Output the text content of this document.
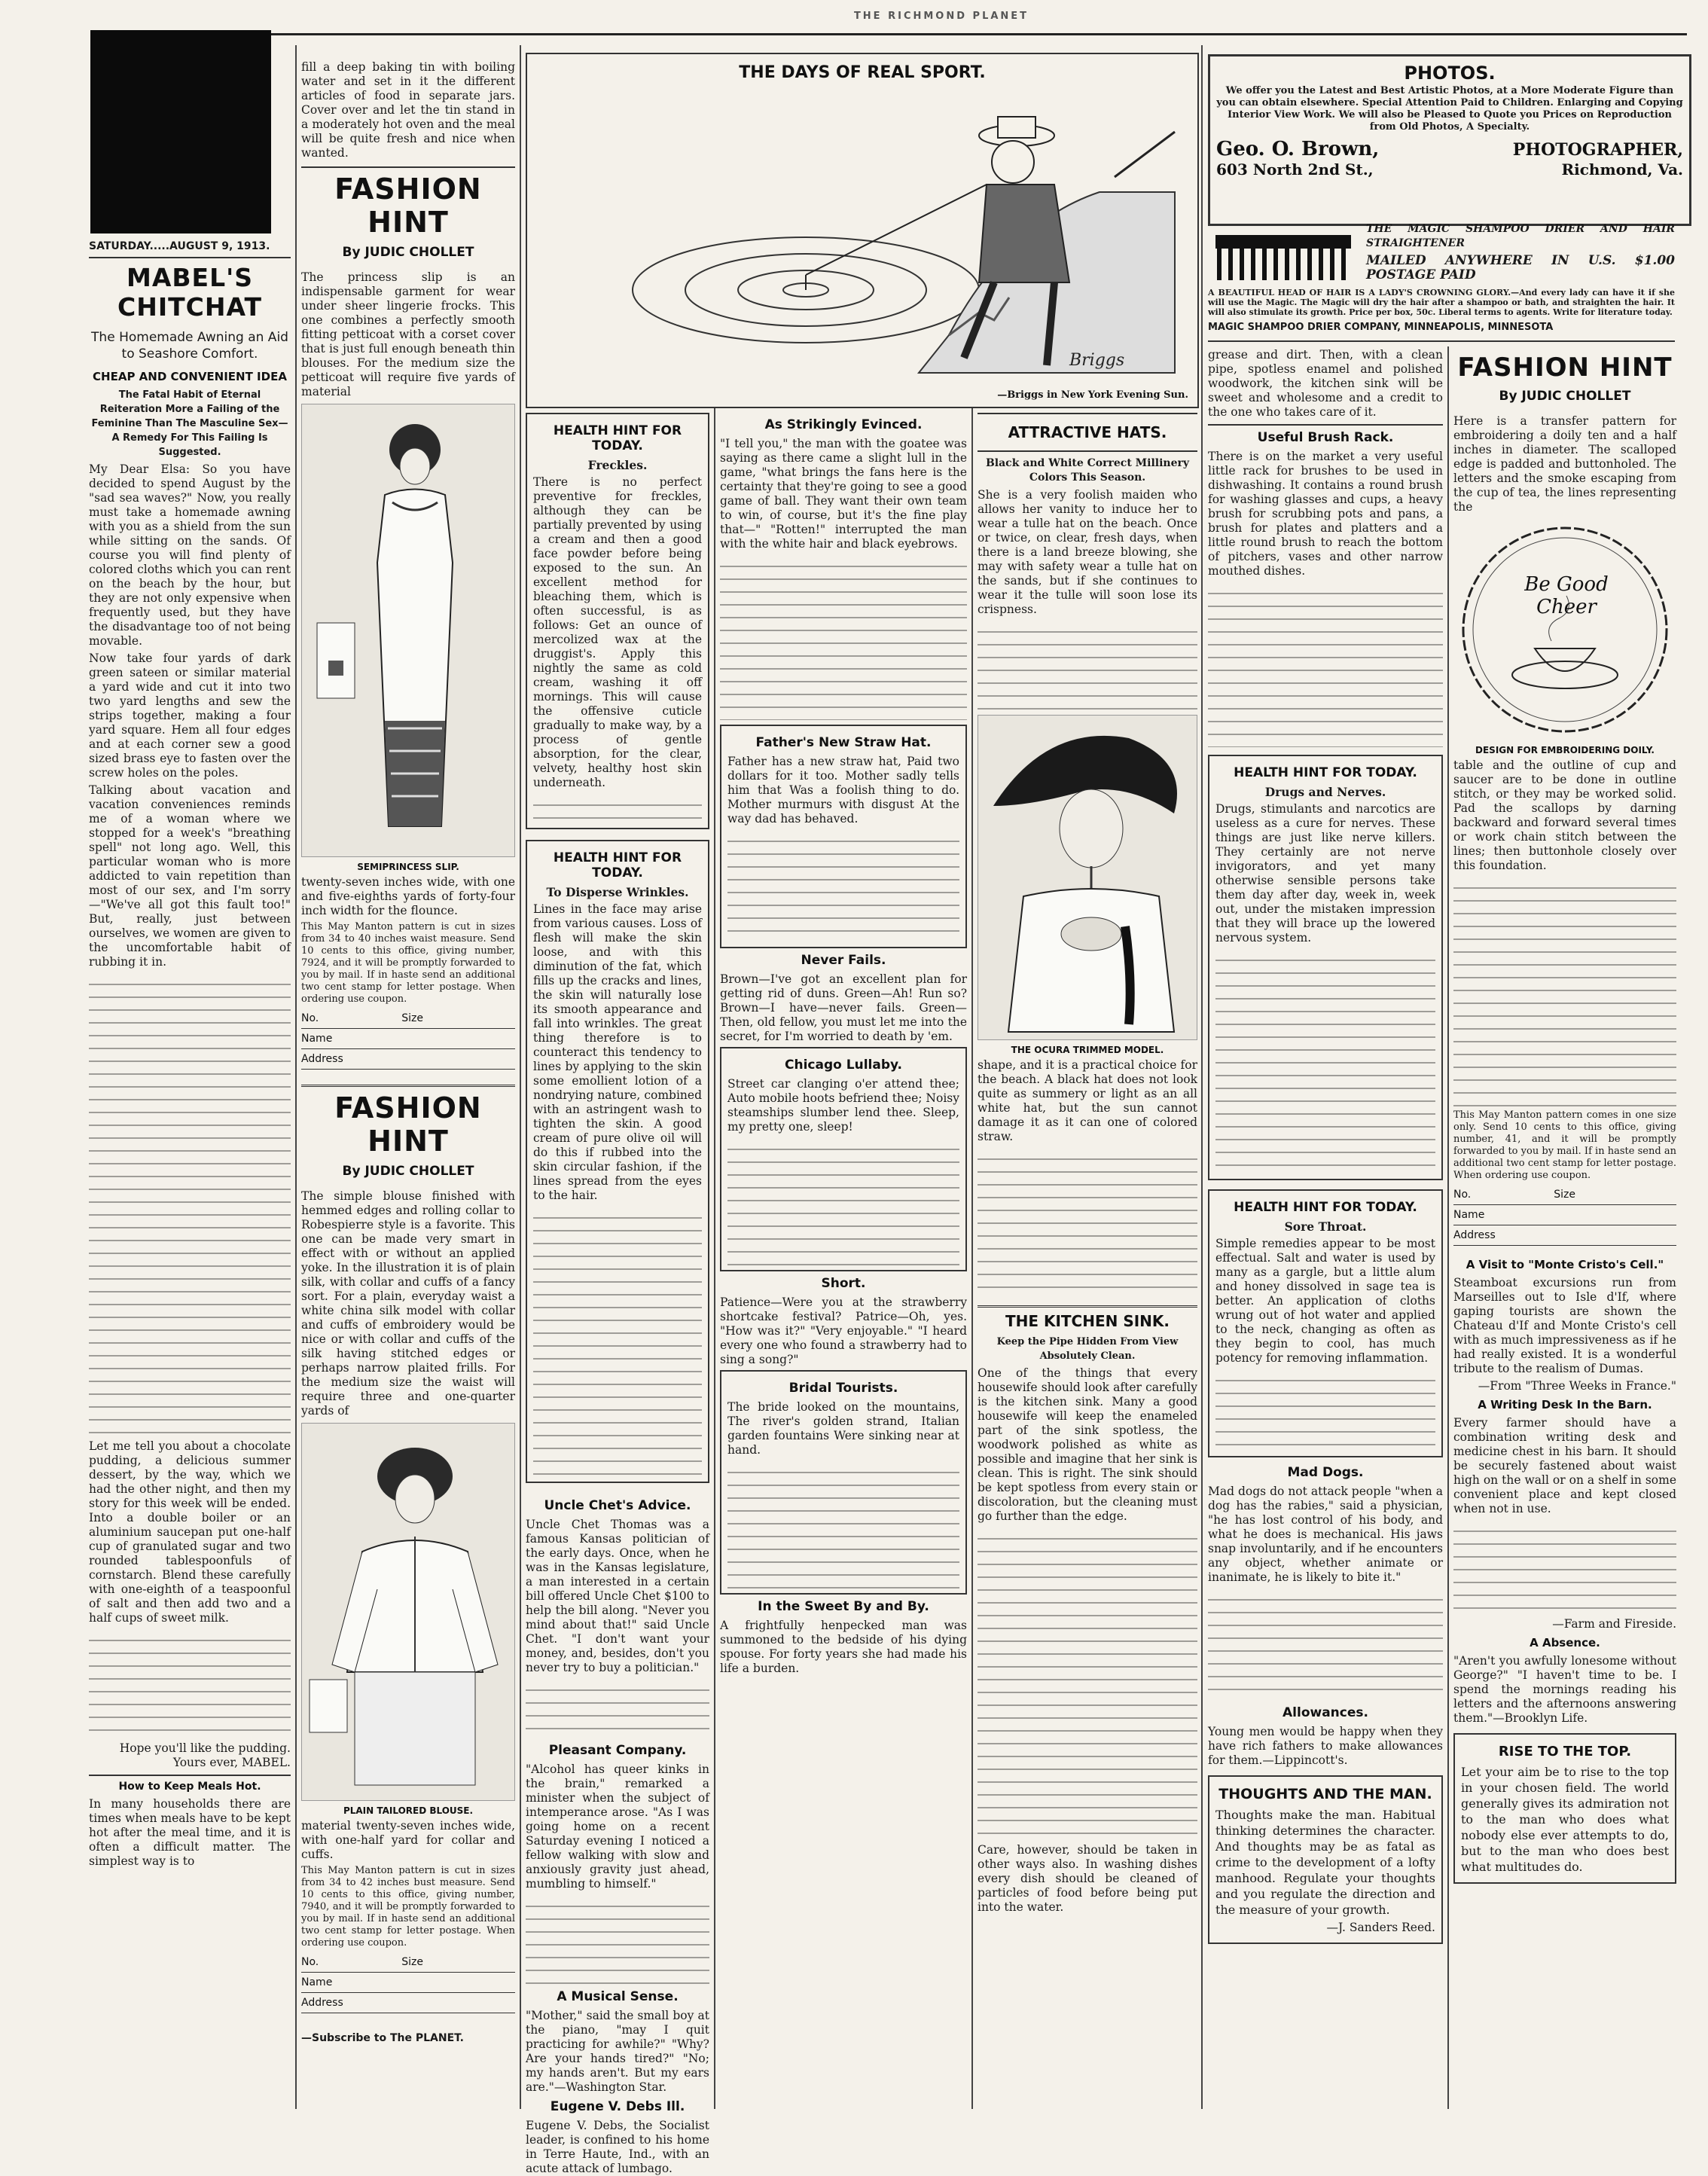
THE RICHMOND PLANET
SATURDAY.....AUGUST 9, 1913.
MABEL'S CHITCHAT
The Homemade Awning an Aid to Seashore Comfort.
CHEAP AND CONVENIENT IDEA
The Fatal Habit of Eternal Reiteration More a Failing of the Feminine Than The Masculine Sex—A Remedy For This Failing Is Suggested.

My Dear Elsa: So you have decided to spend August by the "sad sea waves?" Now, you really must take a homemade awning with you as a shield from the sun while sitting on the sands. Of course you will find plenty of colored cloths which you can rent on the beach by the hour, but they are not only expensive when frequently used, but they have the disadvantage too of not being movable.

Now take four yards of dark green sateen or similar material a yard wide and cut it into two two yard lengths and sew the strips together, making a four yard square. Hem all four edges and at each corner sew a good sized brass eye to fasten over the screw holes on the poles.

Talking about vacation and vacation conveniences reminds me of a woman where we stopped for a week's "breathing spell" not long ago. Well, this particular woman who is more addicted to vain repetition than most of our sex, and I'm sorry—"We've all got this fault too!" But, really, just between ourselves, we women are given to the uncomfortable habit of rubbing it in.

Let me tell you about a chocolate pudding, a delicious summer dessert, by the way, which we had the other night, and then my story for this week will be ended. Into a double boiler or an aluminium saucepan put one-half cup of granulated sugar and two rounded tablespoonfuls of cornstarch. Blend these carefully with one-eighth of a teaspoonful of salt and then add two and a half cups of sweet milk.

Hope you'll like the pudding. Yours ever, MABEL.

How to Keep Meals Hot.

In many households there are times when meals have to be kept hot after the meal time, and it is often a difficult matter. The simplest way is to

fill a deep baking tin with boiling water and set in it the different articles of food in separate jars. Cover over and let the tin stand in a moderately hot oven and the meal will be quite fresh and nice when wanted.

FASHION HINT
By JUDIC CHOLLET

The princess slip is an indispensable garment for wear under sheer lingerie frocks. This one combines a perfectly smooth fitting petticoat with a corset cover that is just full enough beneath thin blouses. For the medium size the petticoat will require five yards of material

SEMIPRINCESS SLIP.

twenty-seven inches wide, with one and five-eighths yards of forty-four inch width for the flounce.

This May Manton pattern is cut in sizes from 34 to 40 inches waist measure. Send 10 cents to this office, giving number, 7924, and it will be promptly forwarded to you by mail. If in haste send an additional two cent stamp for letter postage. When ordering use coupon.

No.	Size
Name
Address
FASHION HINT
By JUDIC CHOLLET

The simple blouse finished with hemmed edges and rolling collar to Robespierre style is a favorite. This one can be made very smart in effect with or without an applied yoke. In the illustration it is of plain silk, with collar and cuffs of a fancy sort. For a plain, everyday waist a white china silk model with collar and cuffs of embroidery would be nice or with collar and cuffs of the silk having stitched edges or perhaps narrow plaited frills. For the medium size the waist will require three and one-quarter yards of

PLAIN TAILORED BLOUSE.

material twenty-seven inches wide, with one-half yard for collar and cuffs.

This May Manton pattern is cut in sizes from 34 to 42 inches bust measure. Send 10 cents to this office, giving number, 7940, and it will be promptly forwarded to you by mail. If in haste send an additional two cent stamp for letter postage. When ordering use coupon.

No.	Size
Name
Address
—Subscribe to The PLANET.
THE DAYS OF REAL SPORT.
Briggs
—Briggs in New York Evening Sun.
HEALTH HINT FOR TODAY.
Freckles.

There is no perfect preventive for freckles, although they can be partially prevented by using a cream and then a good face powder before being exposed to the sun. An excellent method for bleaching them, which is often successful, is as follows: Get an ounce of mercolized wax at the druggist's. Apply this nightly the same as cold cream, washing it off mornings. This will cause the offensive cuticle gradually to make way, by a process of gentle absorption, for the clear, velvety, healthy host skin underneath.

HEALTH HINT FOR TODAY.
To Disperse Wrinkles.

Lines in the face may arise from various causes. Loss of flesh will make the skin loose, and with this diminution of the fat, which fills up the cracks and lines, the skin will naturally lose its smooth appearance and fall into wrinkles. The great thing therefore is to counteract this tendency to lines by applying to the skin some emollient lotion of a nondrying nature, combined with an astringent wash to tighten the skin. A good cream of pure olive oil will do this if rubbed into the skin circular fashion, if the lines spread from the eyes to the hair.

Uncle Chet's Advice.

Uncle Chet Thomas was a famous Kansas politician of the early days. Once, when he was in the Kansas legislature, a man interested in a certain bill offered Uncle Chet $100 to help the bill along. "Never you mind about that!" said Uncle Chet. "I don't want your money, and, besides, don't you never try to buy a politician."

Pleasant Company.

"Alcohol has queer kinks in the brain," remarked a minister when the subject of intemperance arose. "As I was going home on a recent Saturday evening I noticed a fellow walking with slow and anxiously gravity just ahead, mumbling to himself."

A Musical Sense.

"Mother," said the small boy at the piano, "may I quit practicing for awhile?" "Why? Are your hands tired?" "No; my hands aren't. But my ears are."—Washington Star.

Eugene V. Debs Ill.

Eugene V. Debs, the Socialist leader, is confined to his home in Terre Haute, Ind., with an acute attack of lumbago.

As Strikingly Evinced.

"I tell you," the man with the goatee was saying as there came a slight lull in the game, "what brings the fans here is the certainty that they're going to see a good game of ball. They want their own team to win, of course, but it's the fine play that—" "Rotten!" interrupted the man with the white hair and black eyebrows.

Father's New Straw Hat.

Father has a new straw hat, Paid two dollars for it too. Mother sadly tells him that Was a foolish thing to do. Mother murmurs with disgust At the way dad has behaved.

Never Fails.

Brown—I've got an excellent plan for getting rid of duns. Green—Ah! Run so? Brown—I have—never fails. Green—Then, old fellow, you must let me into the secret, for I'm worried to death by 'em.

Chicago Lullaby.

Street car clanging o'er attend thee; Auto mobile hoots befriend thee; Noisy steamships slumber lend thee. Sleep, my pretty one, sleep!

Short.

Patience—Were you at the strawberry shortcake festival? Patrice—Oh, yes. "How was it?" "Very enjoyable." "I heard every one who found a strawberry had to sing a song?"

Bridal Tourists.

The bride looked on the mountains, The river's golden strand, Italian garden fountains Were sinking near at hand.

In the Sweet By and By.

A frightfully henpecked man was summoned to the bedside of his dying spouse. For forty years she had made his life a burden.

ATTRACTIVE HATS.
Black and White Correct Millinery Colors This Season.

She is a very foolish maiden who allows her vanity to induce her to wear a tulle hat on the beach. Once or twice, on clear, fresh days, when there is a land breeze blowing, she may with safety wear a tulle hat on the sands, but if she continues to wear it the tulle will soon lose its crispness.

THE OCURA TRIMMED MODEL.

shape, and it is a practical choice for the beach. A black hat does not look quite as summery or light as an all white hat, but the sun cannot damage it as it can one of colored straw.

THE KITCHEN SINK.
Keep the Pipe Hidden From View Absolutely Clean.

One of the things that every housewife should look after carefully is the kitchen sink. Many a good housewife will keep the enameled part of the sink spotless, the woodwork polished as white as possible and imagine that her sink is clean. This is right. The sink should be kept spotless from every stain or discoloration, but the cleaning must go further than the edge.

Care, however, should be taken in other ways also. In washing dishes every dish should be cleaned of particles of food before being put into the water.

PHOTOS.

We offer you the Latest and Best Artistic Photos, at a More Moderate Figure than you can obtain elsewhere. Special Attention Paid to Children. Enlarging and Copying Interior View Work. We will also be Pleased to Quote you Prices on Reproduction from Old Photos, A Specialty.

Geo. O. Brown,	PHOTOGRAPHER,
603 North 2nd St.,	Richmond, Va.
THE MAGIC SHAMPOO DRIER AND HAIR STRAIGHTENER
MAILED ANYWHERE IN U.S. $1.00 POSTAGE PAID

A BEAUTIFUL HEAD OF HAIR IS A LADY'S CROWNING GLORY.—And every lady can have it if she will use the Magic. The Magic will dry the hair after a shampoo or bath, and straighten the hair. It will also stimulate its growth. Price per box, 50c. Liberal terms to agents. Write for literature today.

MAGIC SHAMPOO DRIER COMPANY, MINNEAPOLIS, MINNESOTA

grease and dirt. Then, with a clean pipe, spotless enamel and polished woodwork, the kitchen sink will be sweet and wholesome and a credit to the one who takes care of it.

Useful Brush Rack.

There is on the market a very useful little rack for brushes to be used in dishwashing. It contains a round brush for washing glasses and cups, a heavy brush for scrubbing pots and pans, a brush for plates and platters and a little round brush to reach the bottom of pitchers, vases and other narrow mouthed dishes.

HEALTH HINT FOR TODAY.
Drugs and Nerves.

Drugs, stimulants and narcotics are useless as a cure for nerves. These things are just like nerve killers. They certainly are not nerve invigorators, and yet many otherwise sensible persons take them day after day, week in, week out, under the mistaken impression that they will brace up the lowered nervous system.

HEALTH HINT FOR TODAY.
Sore Throat.

Simple remedies appear to be most effectual. Salt and water is used by many as a gargle, but a little alum and honey dissolved in sage tea is better. An application of cloths wrung out of hot water and applied to the neck, changing as often as they begin to cool, has much potency for removing inflammation.

Mad Dogs.

Mad dogs do not attack people "when a dog has the rabies," said a physician, "he has lost control of his body, and what he does is mechanical. His jaws snap involuntarily, and if he encounters any object, whether animate or inanimate, he is likely to bite it."

Allowances.

Young men would be happy when they have rich fathers to make allowances for them.—Lippincott's.

THOUGHTS AND THE MAN.

Thoughts make the man. Habitual thinking determines the character. And thoughts may be as fatal as crime to the development of a lofty manhood. Regulate your thoughts and you regulate the direction and the measure of your growth.

—J. Sanders Reed.
FASHION HINT
By JUDIC CHOLLET

Here is a transfer pattern for embroidering a doily ten and a half inches in diameter. The scalloped edge is padded and buttonholed. The letters and the smoke escaping from the cup of tea, the lines representing the

Be Good Cheer
DESIGN FOR EMBROIDERING DOILY.

table and the outline of cup and saucer are to be done in outline stitch, or they may be worked solid. Pad the scallops by darning backward and forward several times or work chain stitch between the lines; then buttonhole closely over this foundation.

This May Manton pattern comes in one size only. Send 10 cents to this office, giving number, 41, and it will be promptly forwarded to you by mail. If in haste send an additional two cent stamp for letter postage. When ordering use coupon.

No.	Size
Name
Address
A Visit to "Monte Cristo's Cell."

Steamboat excursions run from Marseilles out to Isle d'If, where gaping tourists are shown the Chateau d'If and Monte Cristo's cell with as much impressiveness as if he had really existed. It is a wonderful tribute to the realism of Dumas.

—From "Three Weeks in France."
A Writing Desk In the Barn.

Every farmer should have a combination writing desk and medicine chest in his barn. It should be securely fastened about waist high on the wall or on a shelf in some convenient place and kept closed when not in use.

—Farm and Fireside.
A Absence.

"Aren't you awfully lonesome without George?" "I haven't time to be. I spend the mornings reading his letters and the afternoons answering them."—Brooklyn Life.

RISE TO THE TOP.

Let your aim be to rise to the top in your chosen field. The world generally gives its admiration not to the man who does what nobody else ever attempts to do, but to the man who does best what multitudes do.
